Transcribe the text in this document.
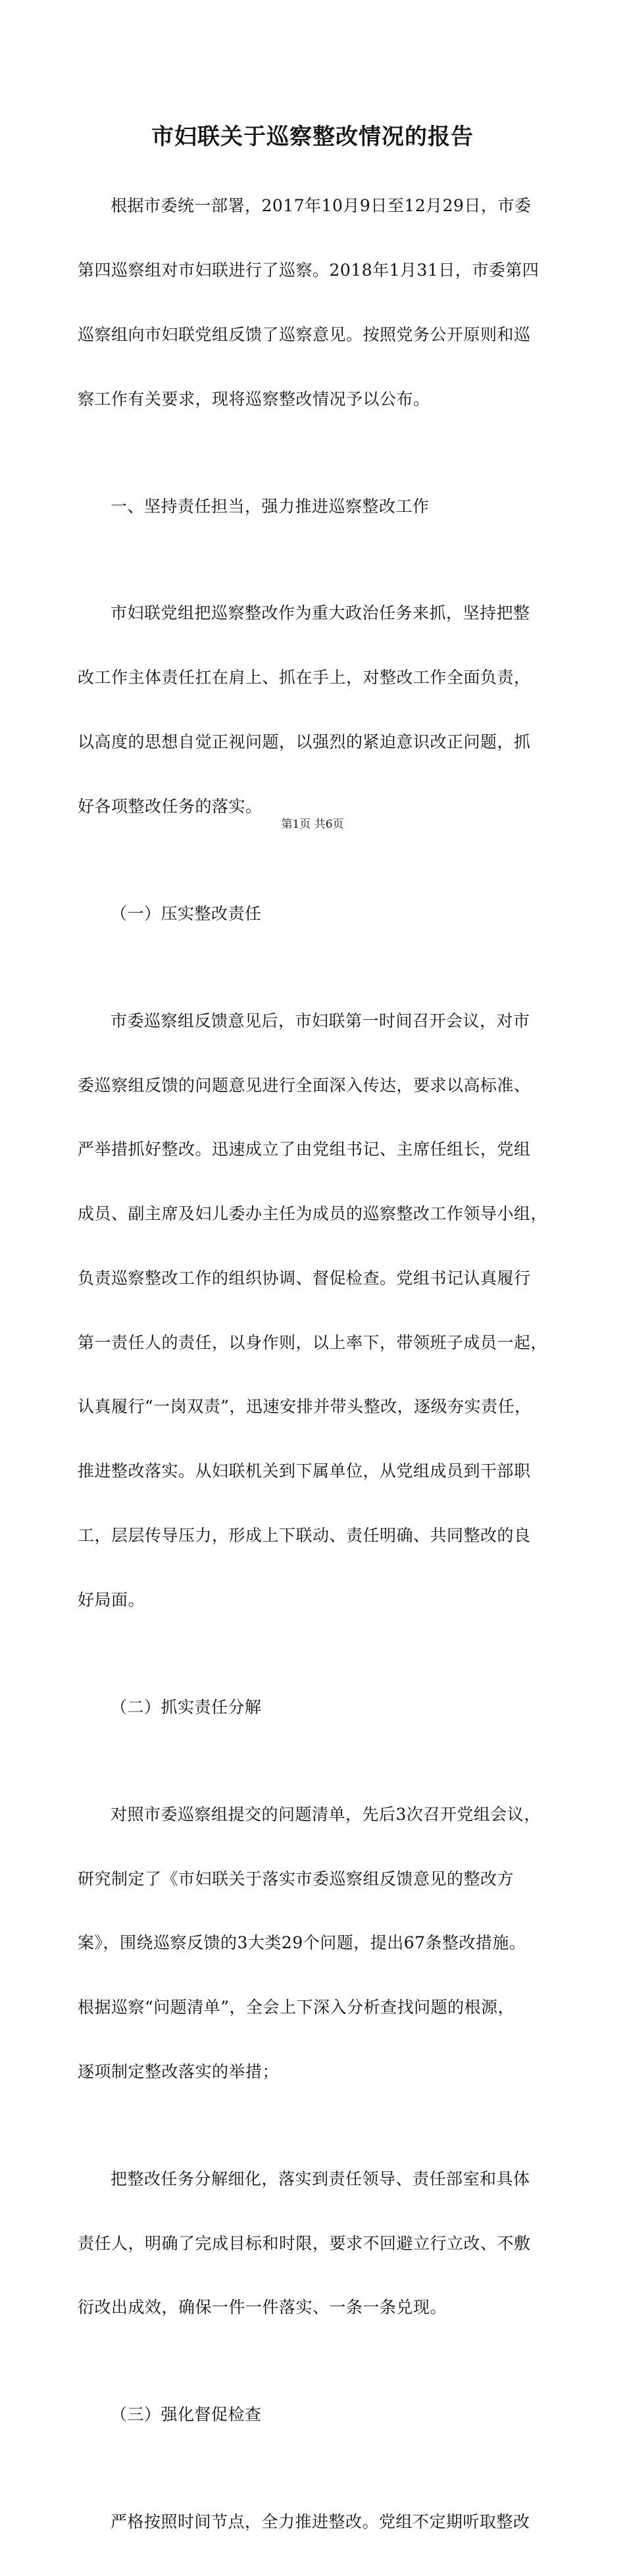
市妇联关于巡察整改情况的报告

根据市委统一部署，2017年10月9日至12月29日，市委

第四巡察组对市妇联进行了巡察。2018年1月31日，市委第四

巡察组向市妇联党组反馈了巡察意见。按照党务公开原则和巡

察工作有关要求，现将巡察整改情况予以公布。

一、坚持责任担当，强力推进巡察整改工作

市妇联党组把巡察整改作为重大政治任务来抓，坚持把整

改工作主体责任扛在肩上、抓在手上，对整改工作全面负责，

以高度的思想自觉正视问题，以强烈的紧迫意识改正问题，抓

好各项整改任务的落实。

（一）压实整改责任

市委巡察组反馈意见后，市妇联第一时间召开会议，对市

委巡察组反馈的问题意见进行全面深入传达，要求以高标准、

严举措抓好整改。迅速成立了由党组书记、主席任组长，党组

成员、副主席及妇儿委办主任为成员的巡察整改工作领导小组，

负责巡察整改工作的组织协调、督促检查。党组书记认真履行

第一责任人的责任，以身作则，以上率下，带领班子成员一起，

认真履行“一岗双责”，迅速安排并带头整改，逐级夯实责任，

推进整改落实。从妇联机关到下属单位，从党组成员到干部职

工，层层传导压力，形成上下联动、责任明确、共同整改的良

好局面。

（二）抓实责任分解

对照市委巡察组提交的问题清单，先后3次召开党组会议，

研究制定了《市妇联关于落实市委巡察组反馈意见的整改方

案》，围绕巡察反馈的3大类29个问题，提出67条整改措施。

根据巡察“问题清单”，全会上下深入分析查找问题的根源，

逐项制定整改落实的举措；

把整改任务分解细化，落实到责任领导、责任部室和具体

责任人，明确了完成目标和时限，要求不回避立行立改、不敷

衍改出成效，确保一件一件落实、一条一条兑现。

（三）强化督促检查

严格按照时间节点，全力推进整改。党组不定期听取整改

第1页 共6页
